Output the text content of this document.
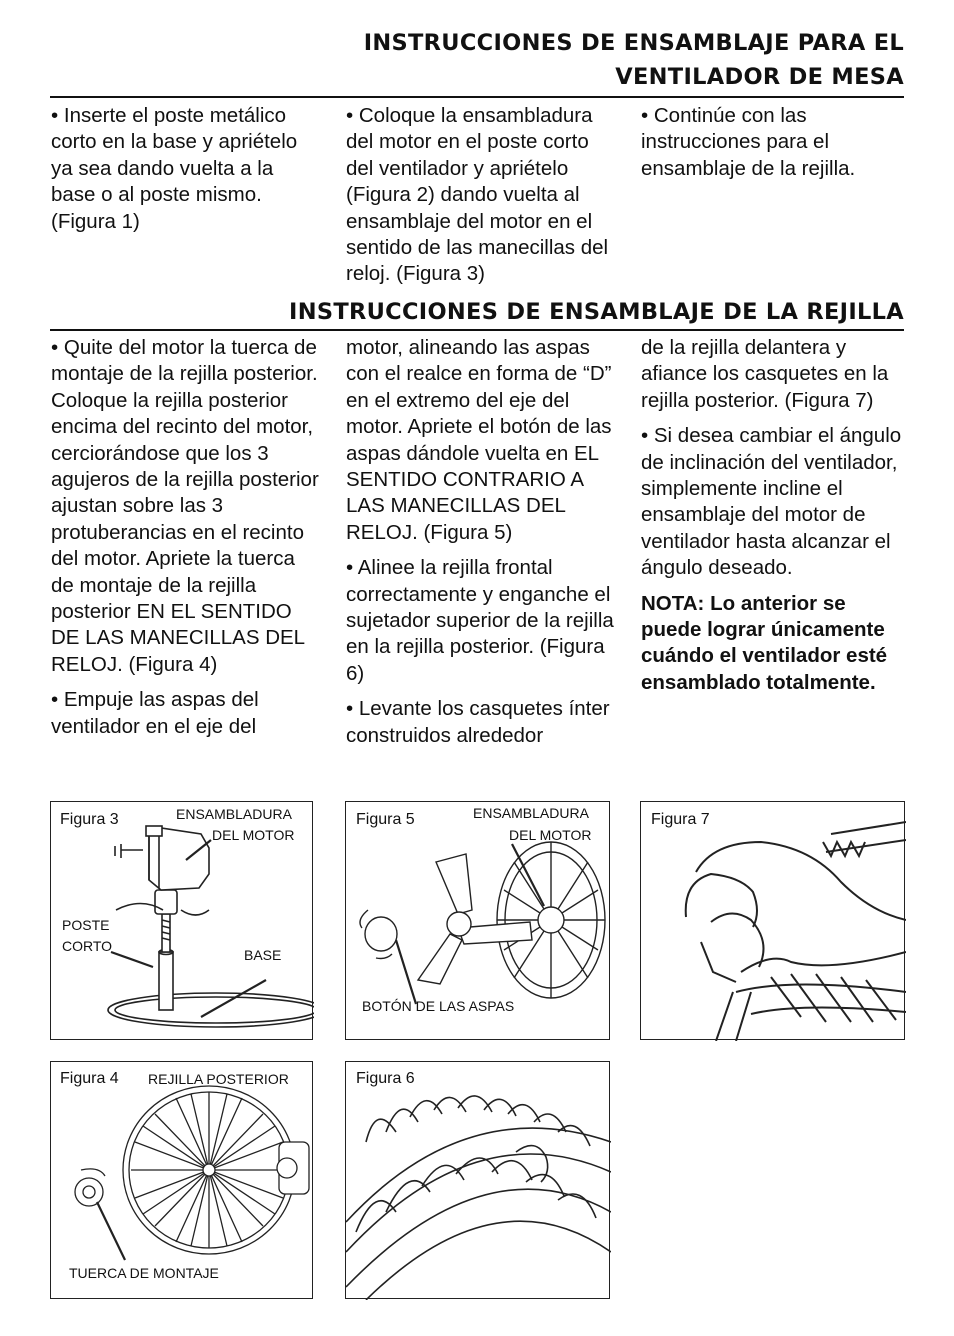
INSTRUCCIONES DE ENSAMBLAJE PARA EL
VENTILADOR DE MESA

• Inserte el poste metálico corto en la base y apriételo ya sea dando vuelta a la base o al poste mismo. (Figura 1)

• Coloque la ensambladura del motor en el poste corto del ventilador y apriételo (Figura 2) dando vuelta al ensamblaje del motor en el sentido de las manecillas del reloj. (Figura 3)

• Continúe con las instrucciones para el ensamblaje de la rejilla.

INSTRUCCIONES DE ENSAMBLAJE DE LA REJILLA

• Quite del motor la tuerca de montaje de la rejilla posterior. Coloque la rejilla posterior encima del recinto del motor, cerciorándose que los 3 agujeros de la rejilla posterior ajustan sobre las 3 protuberancias en el recinto del motor. Apriete la tuerca de montaje de la rejilla posterior EN EL SENTIDO DE LAS MANECILLAS DEL RELOJ. (Figura 4)

• Empuje las aspas del ventilador en el eje del

motor, alineando las aspas con el realce en forma de “D” en el extremo del eje del motor. Apriete el botón de las aspas dándole vuelta en EL SENTIDO CONTRARIO A LAS MANECILLAS DEL RELOJ. (Figura 5)

• Alinee la rejilla frontal correctamente y enganche el sujetador superior de la rejilla en la rejilla posterior. (Figura 6)

• Levante los casquetes ínter construidos alrededor

de la rejilla delantera y afiance los casquetes en la rejilla posterior. (Figura 7)

• Si desea cambiar el ángulo de inclinación del ventilador, simplemente incline el ensamblaje del motor de ventilador hasta alcanzar el ángulo deseado.

NOTA: Lo anterior se puede lograr únicamente cuándo el ventilador esté ensamblado totalmente.

Figura 3	ENSAMBLADURA
DEL MOTOR
POSTE
CORTO
BASE
Figura 5	ENSAMBLADURA
DEL MOTOR
BOTÓN DE LAS ASPAS
Figura 7
Figura 4 REJILLA POSTERIOR
TUERCA DE MONTAJE
Figura 6
